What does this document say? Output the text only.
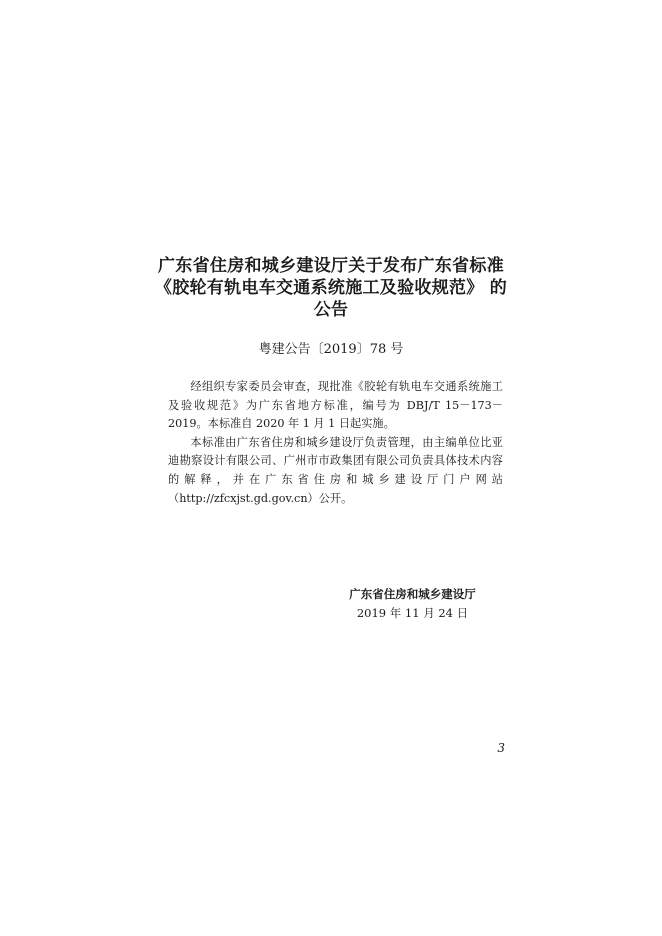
广东省住房和城乡建设厅关于发布广东省标准
《胶轮有轨电车交通系统施工及验收规范》 的
公告
粤建公告〔2019〕78 号

经组织专家委员会审查，现批准《胶轮有轨电车交通系统施工及验收规范》为广东省地方标准，编号为 DBJ/T 15－173－2019。本标准自 2020 年 1 月 1 日起实施。

本标准由广东省住房和城乡建设厅负责管理，由主编单位比亚迪勘察设计有限公司、广州市市政集团有限公司负责具体技术内容的解释，并在广东省住房和城乡建设厅门户网站（http://zfcxjst.gd.gov.cn）公开。

广东省住房和城乡建设厅
2019 年 11 月 24 日
3
